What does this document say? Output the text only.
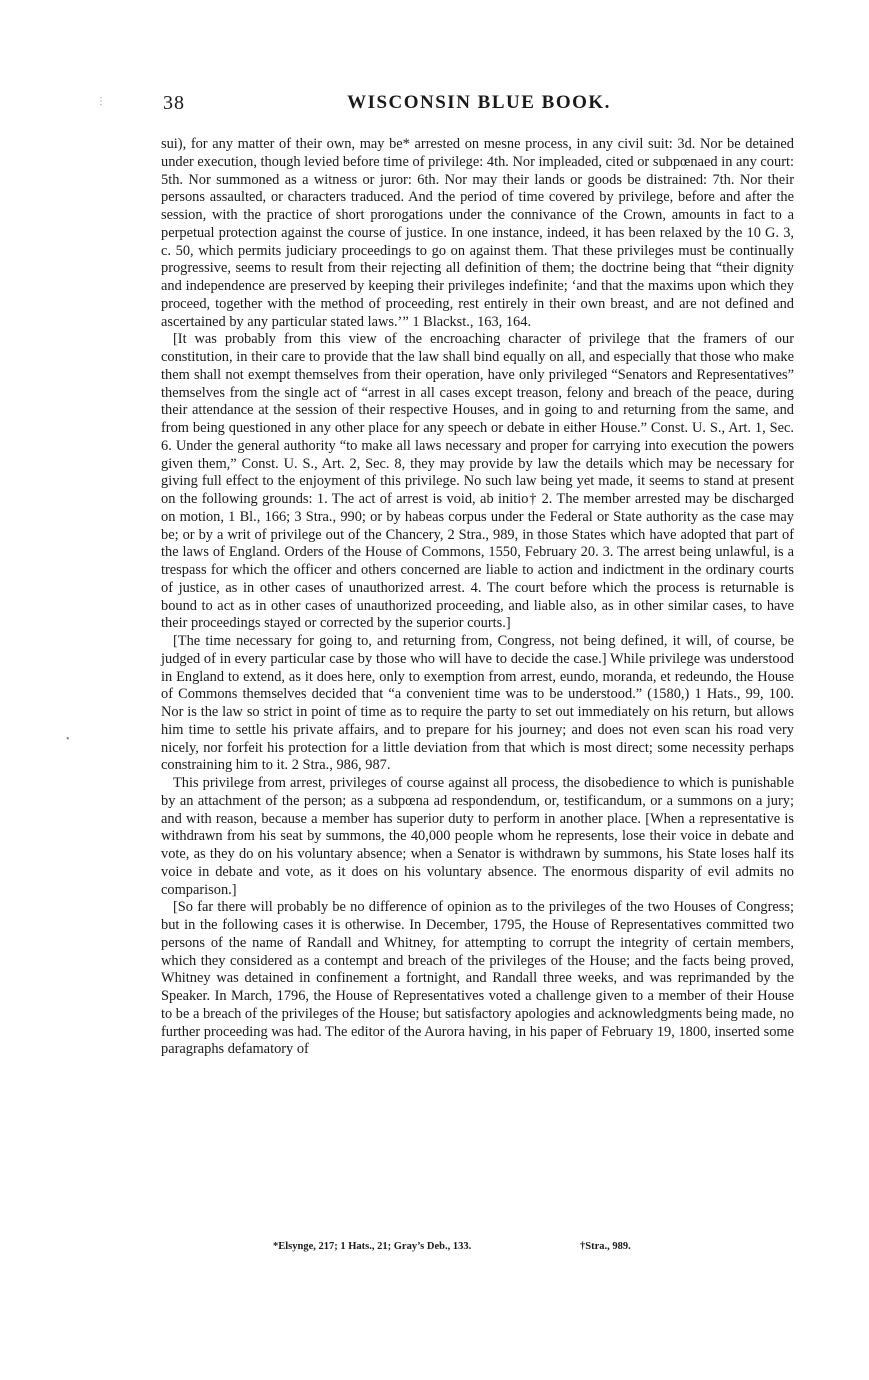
38	WISCONSIN BLUE BOOK.

sui), for any matter of their own, may be* arrested on mesne process, in any civil suit: 3d. Nor be detained under execution, though levied before time of privilege: 4th. Nor impleaded, cited or subpœnaed in any court: 5th. Nor summoned as a witness or juror: 6th. Nor may their lands or goods be distrained: 7th. Nor their persons assaulted, or characters traduced. And the period of time covered by privilege, before and after the session, with the practice of short prorogations under the connivance of the Crown, amounts in fact to a perpetual protection against the course of justice. In one instance, indeed, it has been relaxed by the 10 G. 3, c. 50, which permits judiciary proceedings to go on against them. That these privileges must be continually progressive, seems to result from their rejecting all definition of them; the doctrine being that “their dignity and independence are preserved by keeping their privileges indefinite; ‘and that the maxims upon which they proceed, together with the method of proceeding, rest entirely in their own breast, and are not defined and ascertained by any particular stated laws.’” 1 Blackst., 163, 164.

[It was probably from this view of the encroaching character of privilege that the framers of our constitution, in their care to provide that the law shall bind equally on all, and especially that those who make them shall not exempt themselves from their operation, have only privileged “Senators and Representatives” themselves from the single act of “arrest in all cases except treason, felony and breach of the peace, during their attendance at the session of their respective Houses, and in going to and returning from the same, and from being questioned in any other place for any speech or debate in either House.” Const. U. S., Art. 1, Sec. 6. Under the general authority “to make all laws necessary and proper for carrying into execution the powers given them,” Const. U. S., Art. 2, Sec. 8, they may provide by law the details which may be necessary for giving full effect to the enjoyment of this privilege. No such law being yet made, it seems to stand at present on the following grounds: 1. The act of arrest is void, ab initio† 2. The member arrested may be discharged on motion, 1 Bl., 166; 3 Stra., 990; or by habeas corpus under the Federal or State authority as the case may be; or by a writ of privilege out of the Chancery, 2 Stra., 989, in those States which have adopted that part of the laws of England. Orders of the House of Commons, 1550, February 20. 3. The arrest being unlawful, is a trespass for which the officer and others concerned are liable to action and indictment in the ordinary courts of justice, as in other cases of unauthorized arrest. 4. The court before which the process is returnable is bound to act as in other cases of unauthorized proceeding, and liable also, as in other similar cases, to have their proceedings stayed or corrected by the superior courts.]

[The time necessary for going to, and returning from, Congress, not being defined, it will, of course, be judged of in every particular case by those who will have to decide the case.] While privilege was understood in England to extend, as it does here, only to exemption from arrest, eundo, moranda, et redeundo, the House of Commons themselves decided that “a convenient time was to be understood.” (1580,) 1 Hats., 99, 100. Nor is the law so strict in point of time as to require the party to set out immediately on his return, but allows him time to settle his private affairs, and to prepare for his journey; and does not even scan his road very nicely, nor forfeit his protection for a little deviation from that which is most direct; some necessity perhaps constraining him to it. 2 Stra., 986, 987.

This privilege from arrest, privileges of course against all process, the disobedience to which is punishable by an attachment of the person; as a subpœna ad respondendum, or, testificandum, or a summons on a jury; and with reason, because a member has superior duty to perform in another place. [When a representative is withdrawn from his seat by summons, the 40,000 people whom he represents, lose their voice in debate and vote, as they do on his voluntary absence; when a Senator is withdrawn by summons, his State loses half its voice in debate and vote, as it does on his voluntary absence. The enormous disparity of evil admits no comparison.]

[So far there will probably be no difference of opinion as to the privileges of the two Houses of Congress; but in the following cases it is otherwise. In December, 1795, the House of Representatives committed two persons of the name of Randall and Whitney, for attempting to corrupt the integrity of certain members, which they considered as a contempt and breach of the privileges of the House; and the facts being proved, Whitney was detained in confinement a fortnight, and Randall three weeks, and was reprimanded by the Speaker. In March, 1796, the House of Representatives voted a challenge given to a member of their House to be a breach of the privileges of the House; but satisfactory apologies and acknowledgments being made, no further proceeding was had. The editor of the Aurora having, in his paper of February 19, 1800, inserted some paragraphs defamatory of

*Elsynge, 217; 1 Hats., 21; Gray’s Deb., 133.	†Stra., 989.
⋮
•
